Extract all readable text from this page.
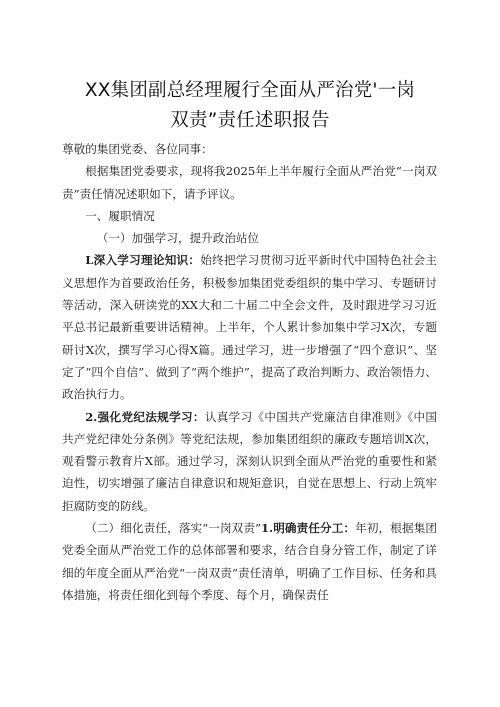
XX集团副总经理履行全面从严治党'一岗
双责”责任述职报告

尊敬的集团党委、各位同事：

根据集团党委要求，现将我2025年上半年履行全面从严治党“一岗双责”责任情况述职如下，请予评议。

一、履职情况

（一）加强学习，提升政治站位

L深入学习理论知识：始终把学习贯彻习近平新时代中国特色社会主义思想作为首要政治任务，积极参加集团党委组织的集中学习、专题研讨等活动，深入研读党的XX大和二十届二中全会文件，及时跟进学习习近平总书记最新重要讲话精神。上半年，个人累计参加集中学习X次，专题研讨X次，撰写学习心得X篇。通过学习，进一步增强了“四个意识”、坚定了“四个自信”、做到了“两个维护”，提高了政治判断力、政治领悟力、政治执行力。

2.强化党纪法规学习：认真学习《中国共产党廉洁自律准则》《中国共产党纪律处分条例》等党纪法规，参加集团组织的廉政专题培训X次，观看警示教育片X部。通过学习，深刻认识到全面从严治党的重要性和紧迫性，切实增强了廉洁自律意识和规矩意识，自觉在思想上、行动上筑牢拒腐防变的防线。

（二）细化责任，落实“一岗双责”1.明确责任分工：年初，根据集团党委全面从严治党工作的总体部署和要求，结合自身分管工作，制定了详细的年度全面从严治党“一岗双责”责任清单，明确了工作目标、任务和具体措施，将责任细化到每个季度、每个月，确保责任
